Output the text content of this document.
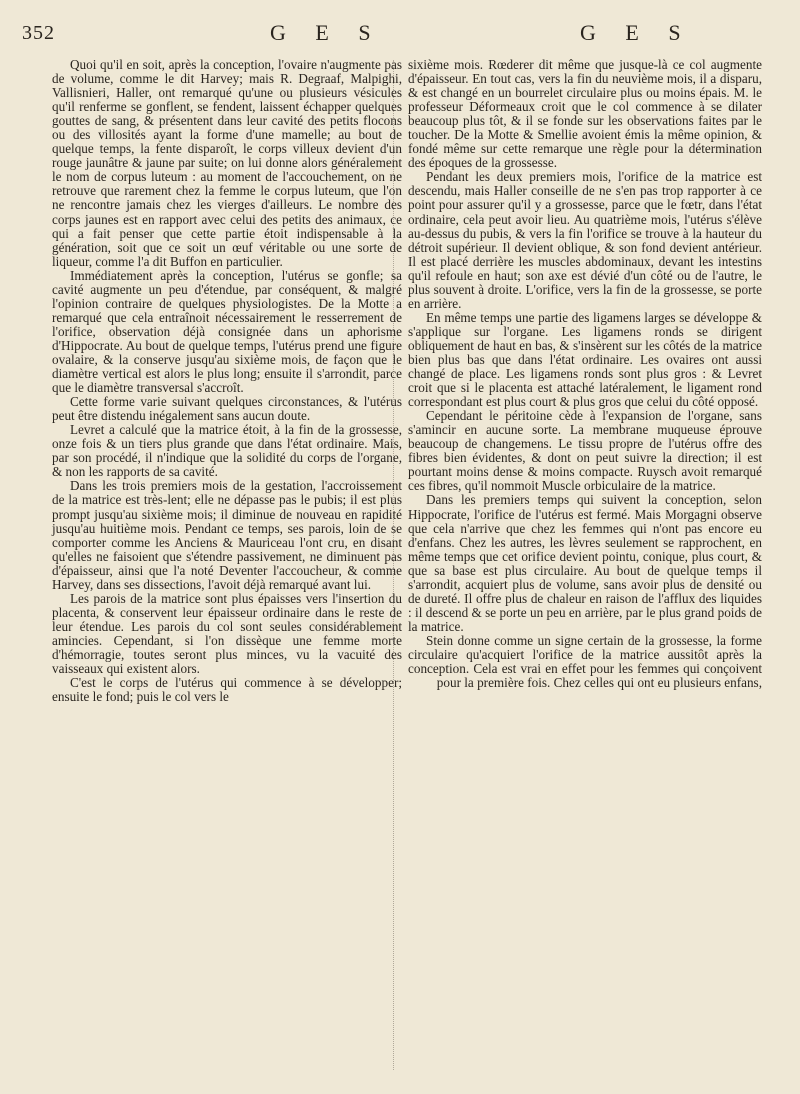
352	G E S	G E S

Quoi qu'il en soit, après la conception, l'ovaire n'augmente pas de volume, comme le dit Harvey; mais R. Degraaf, Malpighi, Vallisnieri, Haller, ont remarqué qu'une ou plusieurs vésicules qu'il renferme se gonflent, se fendent, laissent échapper quelques gouttes de sang, & présentent dans leur cavité des petits flocons ou des villosités ayant la forme d'une mamelle; au bout de quelque temps, la fente disparoît, le corps villeux devient d'un rouge jaunâtre & jaune par suite; on lui donne alors généralement le nom de corpus luteum : au moment de l'accouchement, on ne retrouve que rarement chez la femme le corpus luteum, que l'on ne rencontre jamais chez les vierges d'ailleurs. Le nombre des corps jaunes est en rapport avec celui des petits des animaux, ce qui a fait penser que cette partie étoit indispensable à la génération, soit que ce soit un œuf véritable ou une sorte de liqueur, comme l'a dit Buffon en particulier.

Immédiatement après la conception, l'utérus se gonfle; sa cavité augmente un peu d'étendue, par conséquent, & malgré l'opinion contraire de quelques physiologistes. De la Motte a remarqué que cela entraînoit nécessairement le resserrement de l'orifice, observation déjà consignée dans un aphorisme d'Hippocrate. Au bout de quelque temps, l'utérus prend une figure ovalaire, & la conserve jusqu'au sixième mois, de façon que le diamètre vertical est alors le plus long; ensuite il s'arrondit, parce que le diamètre transversal s'accroît.

Cette forme varie suivant quelques circonstances, & l'utérus peut être distendu inégalement sans aucun doute.

Levret a calculé que la matrice étoit, à la fin de la grossesse, onze fois & un tiers plus grande que dans l'état ordinaire. Mais, par son procédé, il n'indique que la solidité du corps de l'organe, & non les rapports de sa cavité.

Dans les trois premiers mois de la gestation, l'accroissement de la matrice est très-lent; elle ne dépasse pas le pubis; il est plus prompt jusqu'au sixième mois; il diminue de nouveau en rapidité jusqu'au huitième mois. Pendant ce temps, ses parois, loin de se comporter comme les Anciens & Mauriceau l'ont cru, en disant qu'elles ne faisoient que s'étendre passivement, ne diminuent pas d'épaisseur, ainsi que l'a noté Deventer l'accoucheur, & comme Harvey, dans ses dissections, l'avoit déjà remarqué avant lui.

Les parois de la matrice sont plus épaisses vers l'insertion du placenta, & conservent leur épaisseur ordinaire dans le reste de leur étendue. Les parois du col sont seules considérablement amincies. Cependant, si l'on dissèque une femme morte d'hémorragie, toutes seront plus minces, vu la vacuité des vaisseaux qui existent alors.

C'est le corps de l'utérus qui commence à se développer; ensuite le fond; puis le col vers le

sixième mois. Rœderer dit même que jusque-là ce col augmente d'épaisseur. En tout cas, vers la fin du neuvième mois, il a disparu, & est changé en un bourrelet circulaire plus ou moins épais. M. le professeur Déformeaux croit que le col commence à se dilater beaucoup plus tôt, & il se fonde sur les observations faites par le toucher. De la Motte & Smellie avoient émis la même opinion, & fondé même sur cette remarque une règle pour la détermination des époques de la grossesse.

Pendant les deux premiers mois, l'orifice de la matrice est descendu, mais Haller conseille de ne s'en pas trop rapporter à ce point pour assurer qu'il y a grossesse, parce que le fœtr, dans l'état ordinaire, cela peut avoir lieu. Au quatrième mois, l'utérus s'élève au-dessus du pubis, & vers la fin l'orifice se trouve à la hauteur du détroit supérieur. Il devient oblique, & son fond devient antérieur. Il est placé derrière les muscles abdominaux, devant les intestins qu'il refoule en haut; son axe est dévié d'un côté ou de l'autre, le plus souvent à droite. L'orifice, vers la fin de la grossesse, se porte en arrière.

En même temps une partie des ligamens larges se développe & s'applique sur l'organe. Les ligamens ronds se dirigent obliquement de haut en bas, & s'insèrent sur les côtés de la matrice bien plus bas que dans l'état ordinaire. Les ovaires ont aussi changé de place. Les ligamens ronds sont plus gros : & Levret croit que si le placenta est attaché latéralement, le ligament rond correspondant est plus court & plus gros que celui du côté opposé.

Cependant le péritoine cède à l'expansion de l'organe, sans s'amincir en aucune sorte. La membrane muqueuse éprouve beaucoup de changemens. Le tissu propre de l'utérus offre des fibres bien évidentes, & dont on peut suivre la direction; il est pourtant moins dense & moins compacte. Ruysch avoit remarqué ces fibres, qu'il nommoit Muscle orbiculaire de la matrice.

Dans les premiers temps qui suivent la conception, selon Hippocrate, l'orifice de l'utérus est fermé. Mais Morgagni observe que cela n'arrive que chez les femmes qui n'ont pas encore eu d'enfans. Chez les autres, les lèvres seulement se rapprochent, en même temps que cet orifice devient pointu, conique, plus court, & que sa base est plus circulaire. Au bout de quelque temps il s'arrondit, acquiert plus de volume, sans avoir plus de densité ou de dureté. Il offre plus de chaleur en raison de l'afflux des liquides : il descend & se porte un peu en arrière, par le plus grand poids de la matrice.

Stein donne comme un signe certain de la grossesse, la forme circulaire qu'acquiert l'orifice de la matrice aussitôt après la conception. Cela est vrai en effet pour les femmes qui conçoivent pour la première fois. Chez celles qui ont eu plusieurs enfans,
